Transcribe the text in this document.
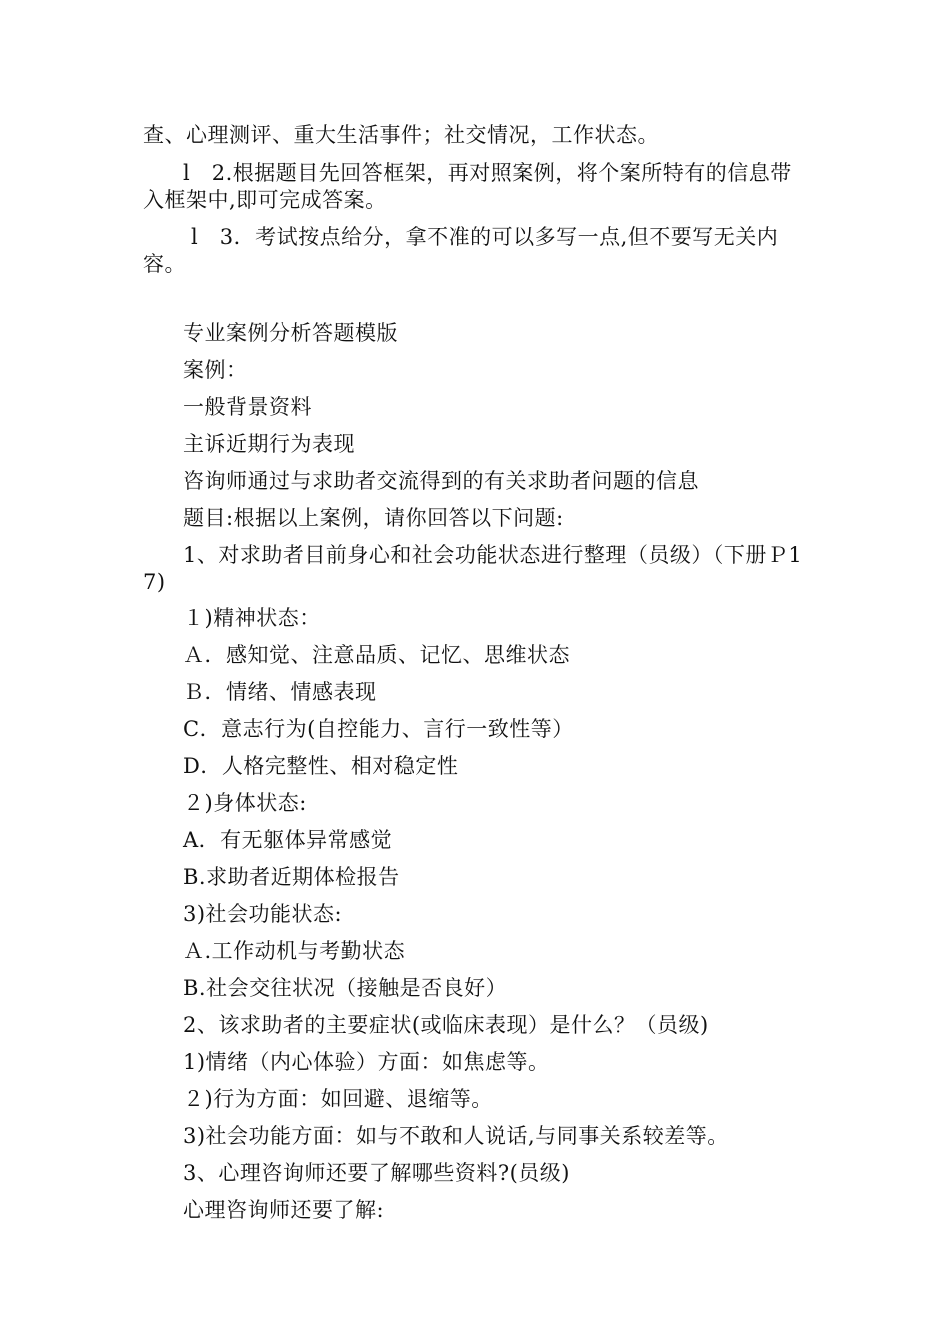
查、心理测评、重大生活事件；社交情况，工作状态。
l　2.根据题目先回答框架，再对照案例，将个案所特有的信息带入框架中,即可完成答案。
l　3．考试按点给分，拿不准的可以多写一点,但不要写无关内容。
专业案例分析答题模版
案例：
一般背景资料
主诉近期行为表现
咨询师通过与求助者交流得到的有关求助者问题的信息
题目:根据以上案例，请你回答以下问题:
1、对求助者目前身心和社会功能状态进行整理（员级）（下册Ｐ17)
１)精神状态：
Ａ．感知觉、注意品质、记忆、思维状态
Ｂ．情绪、情感表现
C．意志行为(自控能力、言行一致性等）
D．人格完整性、相对稳定性
２)身体状态:
A．有无躯体异常感觉
B.求助者近期体检报告
3)社会功能状态:
Ａ.工作动机与考勤状态
B.社会交往状况（接触是否良好）
2、该求助者的主要症状(或临床表现）是什么？（员级)
1)情绪（内心体验）方面：如焦虑等。
２)行为方面：如回避、退缩等。
3)社会功能方面：如与不敢和人说话,与同事关系较差等。
3、心理咨询师还要了解哪些资料?(员级)
心理咨询师还要了解:
